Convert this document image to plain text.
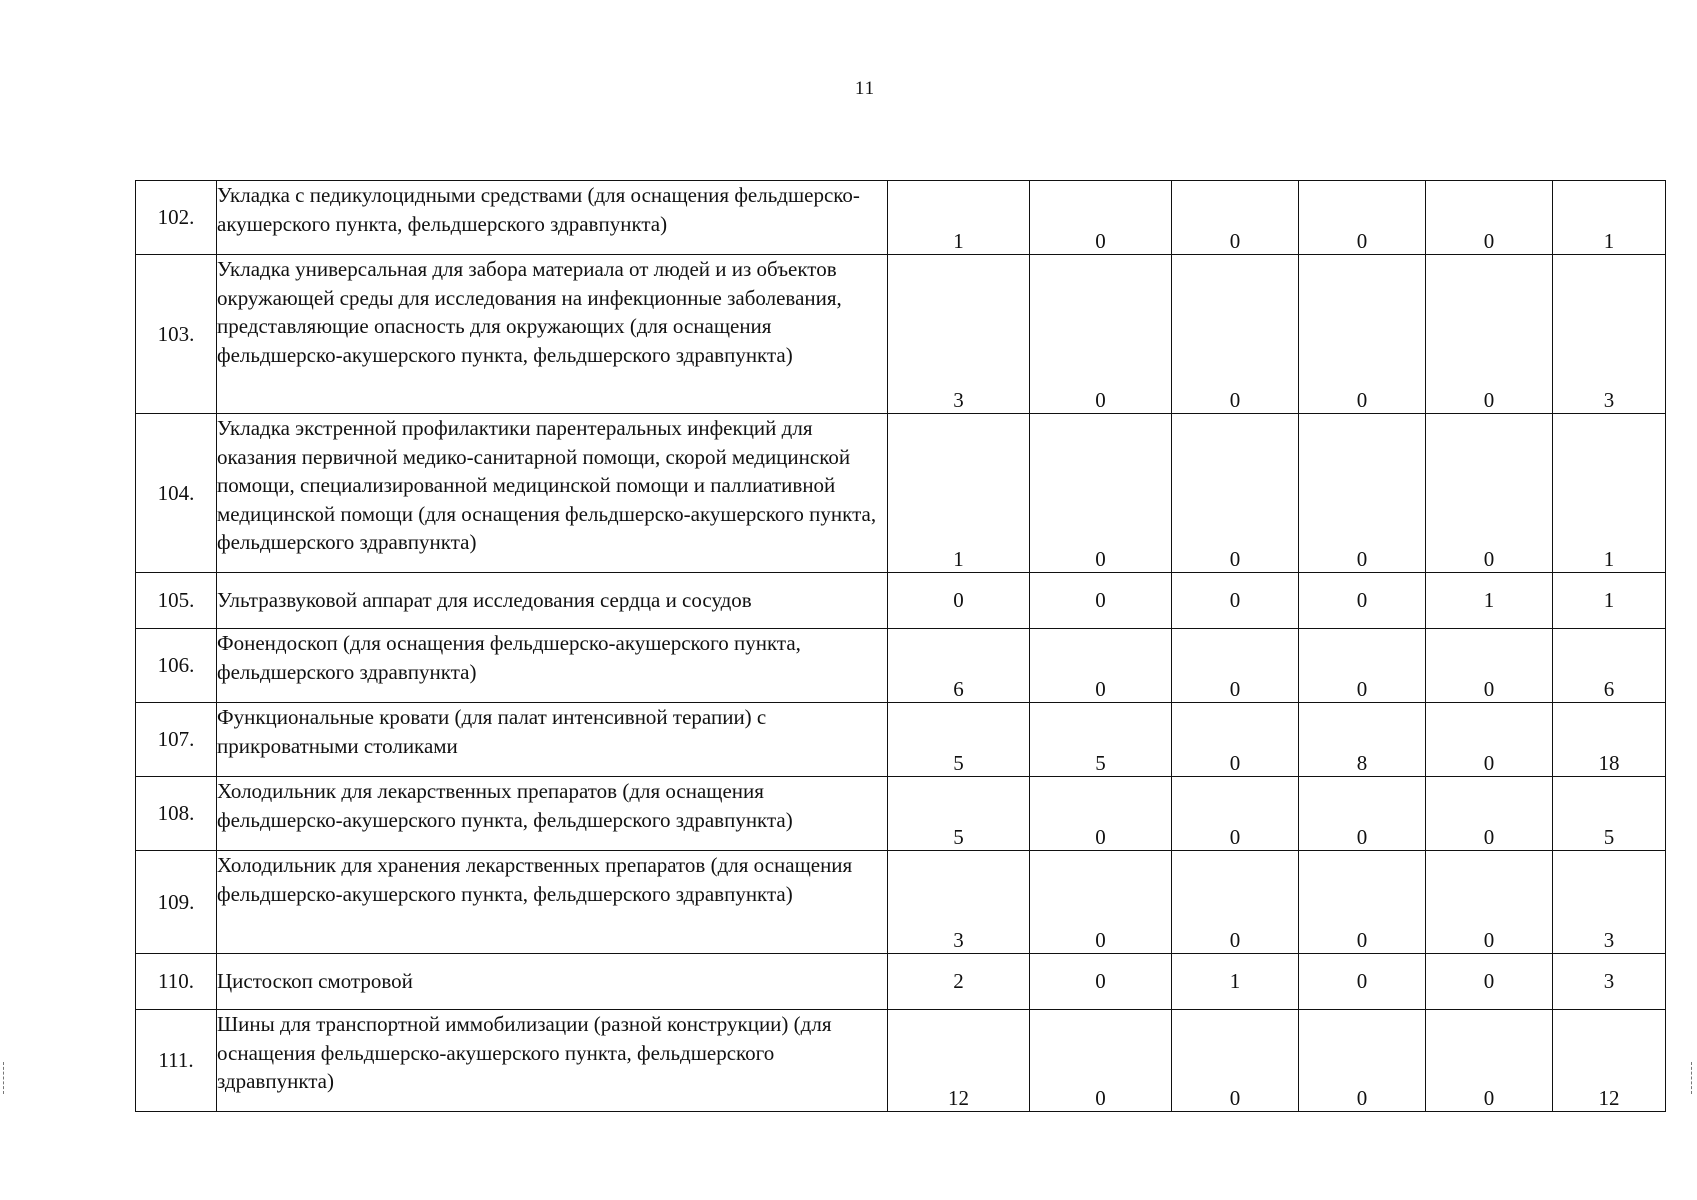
11
102.	Укладка с педикулоцидными средствами (для оснащения фельдшерско-акушерского пункта, фельдшерского здравпункта)	1	0	0	0	0	1
103.	Укладка универсальная для забора материала от людей и из объектов окружающей среды для исследования на инфекционные заболевания, представляющие опасность для окружающих (для оснащения фельдшерско-акушерского пункта, фельдшерского здравпункта)	3	0	0	0	0	3
104.	Укладка экстренной профилактики парентеральных инфекций для оказания первичной медико-санитарной помощи, скорой медицинской помощи, специализированной медицинской помощи и паллиативной медицинской помощи (для оснащения фельдшерско-акушерского пункта, фельдшерского здравпункта)	1	0	0	0	0	1
105.	Ультразвуковой аппарат для исследования сердца и сосудов	0	0	0	0	1	1
106.	Фонендоскоп (для оснащения фельдшерско-акушерского пункта, фельдшерского здравпункта)	6	0	0	0	0	6
107.	Функциональные кровати (для палат интенсивной терапии) с прикроватными столиками	5	5	0	8	0	18
108.	Холодильник для лекарственных препаратов (для оснащения фельдшерско-акушерского пункта, фельдшерского здравпункта)	5	0	0	0	0	5
109.	Холодильник для хранения лекарственных препаратов (для оснащения фельдшерско-акушерского пункта, фельдшерского здравпункта)	3	0	0	0	0	3
110.	Цистоскоп смотровой	2	0	1	0	0	3
111.	Шины для транспортной иммобилизации (разной конструкции) (для оснащения фельдшерско-акушерского пункта, фельдшерского здравпункта)	12	0	0	0	0	12
